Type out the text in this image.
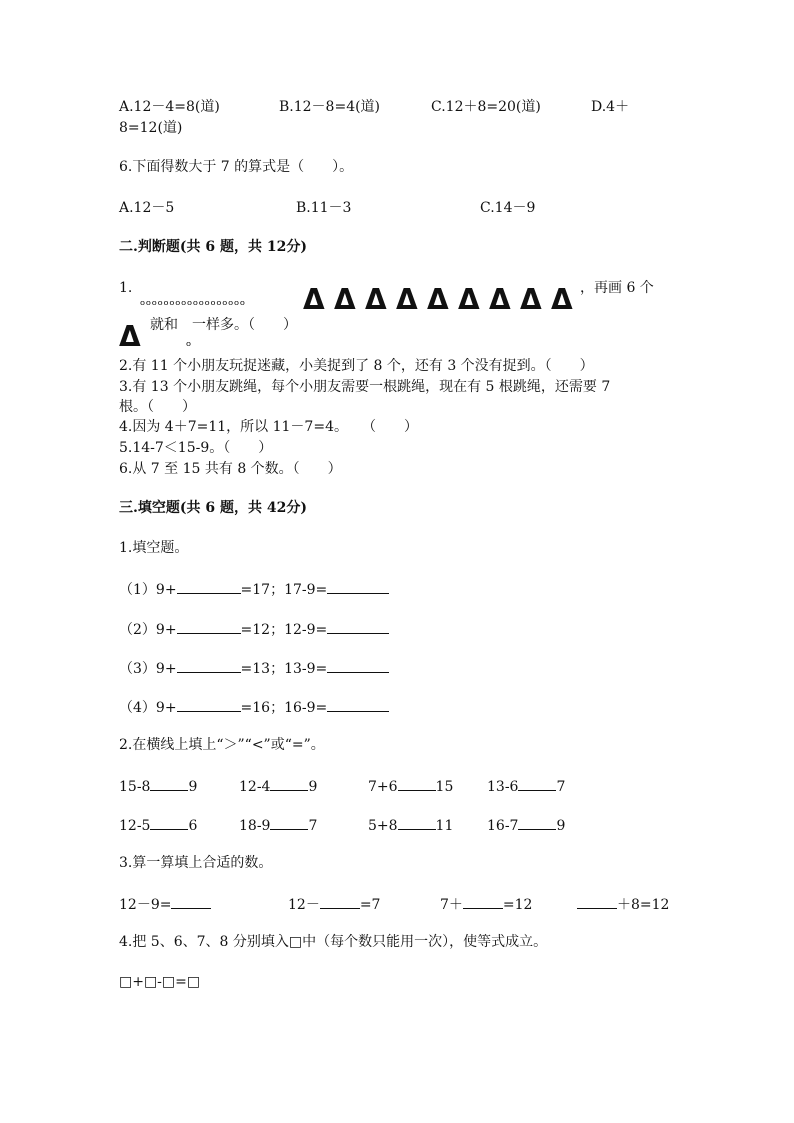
A.12－4=8(道)	B.12－8=4(道)	C.12＋8=20(道)	D.4＋
8=12(道)
6.下面得数大于 7 的算式是（　　）。
A.12－5	B.11－3	C.14－9
二.判断题(共 6 题，共 12分)
1.
ₒₒₒₒₒₒₒₒₒₒₒₒₒₒₒₒₒₒ Δ Δ Δ Δ Δ Δ Δ Δ Δ ，再画 6 个
Δ 就和　一样多。（　　）
ₒ
2.有 11 个小朋友玩捉迷藏，小美捉到了 8 个，还有 3 个没有捉到。（　　）
3.有 13 个小朋友跳绳，每个小朋友需要一根跳绳，现在有 5 根跳绳，还需要 7
根。（　　）
4.因为 4＋7=11，所以 11－7=4。　　（　　）
5.14-7＜15-9。（　　）
6.从 7 至 15 共有 8 个数。（　　）
三.填空题(共 6 题，共 42分)
1.填空题。
（1）9+	=17；17-9=
（2）9+	=12；12-9=
（3）9+	=13；13-9=
（4）9+	=16；16-9=
2.在横线上填上“＞”“<”或“=”。
15-8	9	12-4	9	7+6	15 13-6	7
12-5	6	18-9	7	5+8	11 16-7	9
3.算一算填上合适的数。
12－9=	12－	=7	7＋	=12	＋8=12
4.把 5、6、7、8 分别填入□中（每个数只能用一次），使等式成立。
□+□-□=□
